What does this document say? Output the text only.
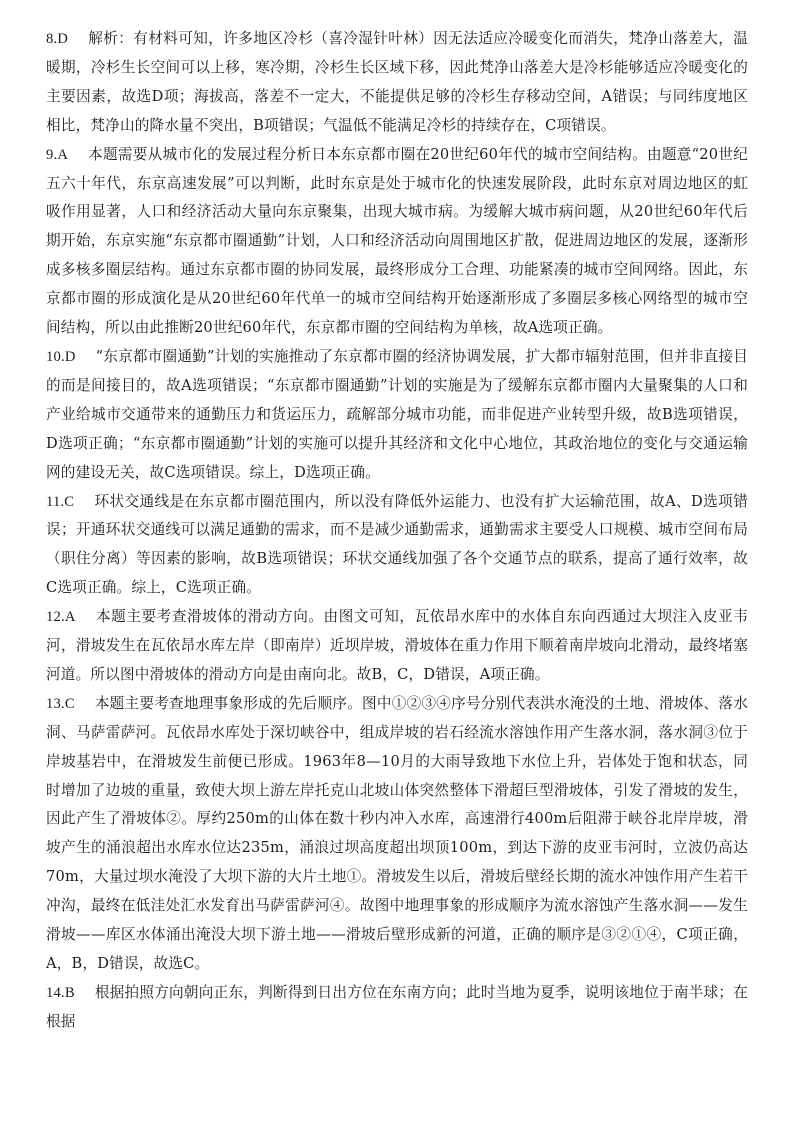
8.D 解析：有材料可知，许多地区冷杉（喜冷湿针叶林）因无法适应冷暖变化而消失，梵净山落差大，温暖期，冷杉生长空间可以上移，寒冷期，冷杉生长区域下移，因此梵净山落差大是冷杉能够适应冷暖变化的主要因素，故选D项；海拔高，落差不一定大，不能提供足够的冷杉生存移动空间，A错误；与同纬度地区相比，梵净山的降水量不突出，B项错误；气温低不能满足冷杉的持续存在，C项错误。

9.A 本题需要从城市化的发展过程分析日本东京都市圈在20世纪60年代的城市空间结构。由题意“20世纪五六十年代，东京高速发展”可以判断，此时东京是处于城市化的快速发展阶段，此时东京对周边地区的虹吸作用显著，人口和经济活动大量向东京聚集，出现大城市病。为缓解大城市病问题，从20世纪60年代后期开始，东京实施“东京都市圈通勤”计划，人口和经济活动向周围地区扩散，促进周边地区的发展，逐渐形成多核多圈层结构。通过东京都市圈的协同发展，最终形成分工合理、功能紧凑的城市空间网络。因此，东京都市圈的形成演化是从20世纪60年代单一的城市空间结构开始逐渐形成了多圈层多核心网络型的城市空间结构，所以由此推断20世纪60年代，东京都市圈的空间结构为单核，故A选项正确。

10.D “东京都市圈通勤”计划的实施推动了东京都市圈的经济协调发展，扩大都市辐射范围，但并非直接目的而是间接目的，故A选项错误；“东京都市圈通勤”计划的实施是为了缓解东京都市圈内大量聚集的人口和产业给城市交通带来的通勤压力和货运压力，疏解部分城市功能，而非促进产业转型升级，故B选项错误，D选项正确；“东京都市圈通勤”计划的实施可以提升其经济和文化中心地位，其政治地位的变化与交通运输网的建设无关，故C选项错误。综上，D选项正确。

11.C 环状交通线是在东京都市圈范围内，所以没有降低外运能力、也没有扩大运输范围，故A、D选项错误；开通环状交通线可以满足通勤的需求，而不是减少通勤需求，通勤需求主要受人口规模、城市空间布局（职住分离）等因素的影响，故B选项错误；环状交通线加强了各个交通节点的联系，提高了通行效率，故C选项正确。综上，C选项正确。

12.A 本题主要考查滑坡体的滑动方向。由图文可知，瓦依昂水库中的水体自东向西通过大坝注入皮亚韦河，滑坡发生在瓦依昂水库左岸（即南岸）近坝岸坡，滑坡体在重力作用下顺着南岸坡向北滑动，最终堵塞河道。所以图中滑坡体的滑动方向是由南向北。故B，C，D错误，A项正确。

13.C 本题主要考查地理事象形成的先后顺序。图中①②③④序号分别代表洪水淹没的土地、滑坡体、落水洞、马萨雷萨河。瓦依昂水库处于深切峡谷中，组成岸坡的岩石经流水溶蚀作用产生落水洞，落水洞③位于岸坡基岩中，在滑坡发生前便已形成。1963年8—10月的大雨导致地下水位上升，岩体处于饱和状态，同时增加了边坡的重量，致使大坝上游左岸托克山北坡山体突然整体下滑超巨型滑坡体，引发了滑坡的发生，因此产生了滑坡体②。厚约250m的山体在数十秒内冲入水库，高速滑行400m后阻滞于峡谷北岸岸坡，滑坡产生的涌浪超出水库水位达235m，涌浪过坝高度超出坝顶100m，到达下游的皮亚韦河时，立波仍高达70m，大量过坝水淹没了大坝下游的大片土地①。滑坡发生以后，滑坡后壁经长期的流水冲蚀作用产生若干冲沟，最终在低洼处汇水发育出马萨雷萨河④。故图中地理事象的形成顺序为流水溶蚀产生落水洞——发生滑坡——库区水体涌出淹没大坝下游土地——滑坡后壁形成新的河道，正确的顺序是③②①④，C项正确，A，B，D错误，故选C。

14.B 根据拍照方向朝向正东，判断得到日出方位在东南方向；此时当地为夏季，说明该地位于南半球；在根据
